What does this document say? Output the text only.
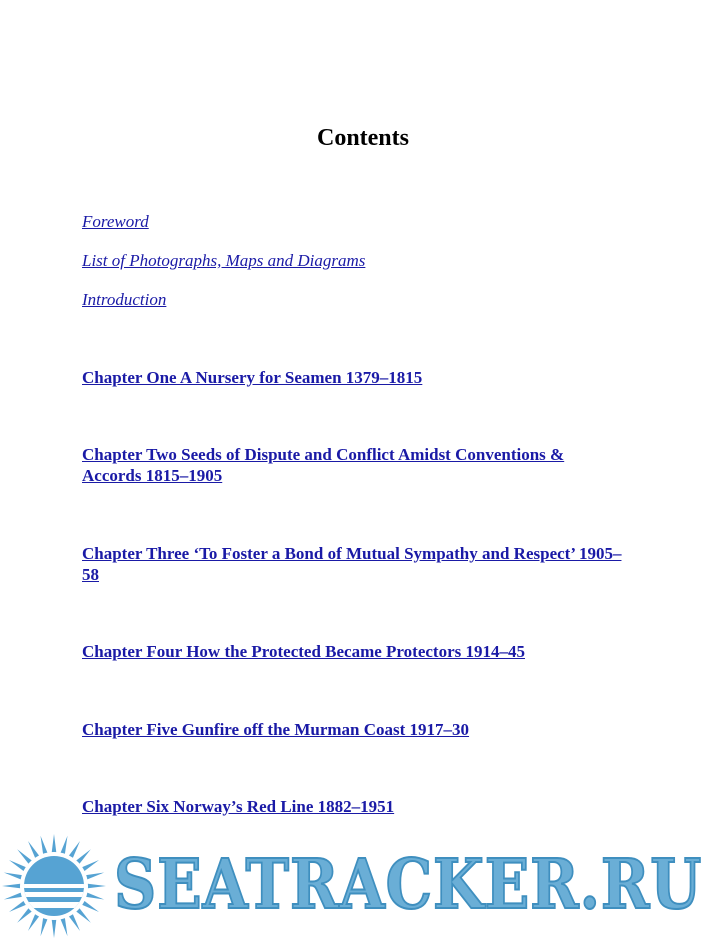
Contents
Foreword
List of Photographs, Maps and Diagrams
Introduction
Chapter One A Nursery for Seamen 1379–1815
Chapter Two Seeds of Dispute and Conflict Amidst Conventions & Accords 1815–1905
Chapter Three ‘To Foster a Bond of Mutual Sympathy and Respect’ 1905–58
Chapter Four How the Protected Became Protectors 1914–45
Chapter Five Gunfire off the Murman Coast 1917–30
Chapter Six Norway’s Red Line 1882–1951
SEATRACKER.RU
